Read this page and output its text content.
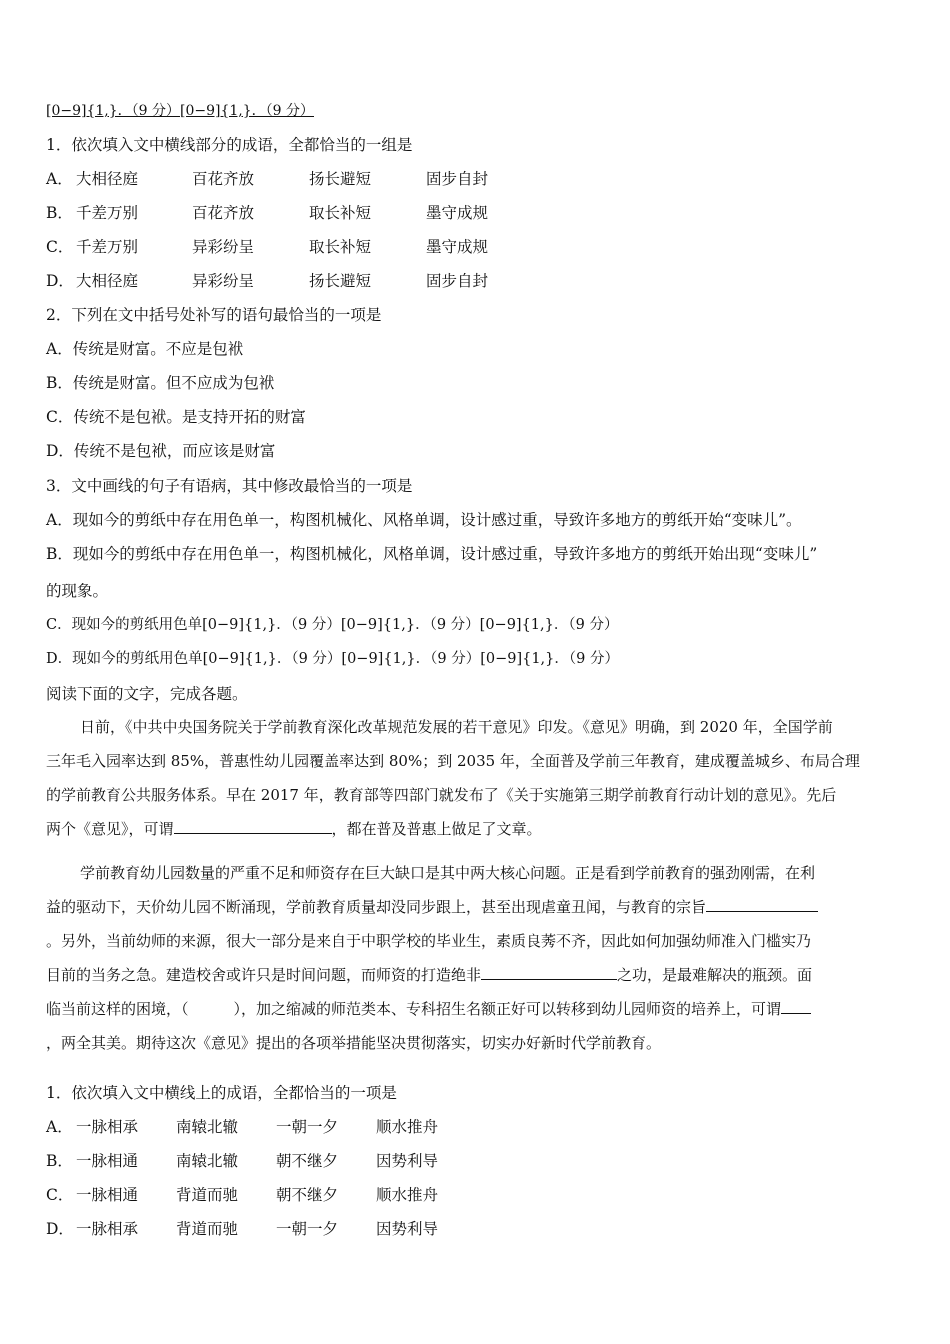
[0−9]{1,}．（9 分）[0−9]{1,}．（9 分）
1．依次填入文中横线部分的成语，全都恰当的一组是
A． 大相径庭	百花齐放	扬长避短	固步自封
B． 千差万别	百花齐放	取长补短	墨守成规
C． 千差万别	异彩纷呈	取长补短	墨守成规
D． 大相径庭	异彩纷呈	扬长避短	固步自封
2．下列在文中括号处补写的语句最恰当的一项是
A．传统是财富。不应是包袱
B．传统是财富。但不应成为包袱
C．传统不是包袱。是支持开拓的财富
D．传统不是包袱，而应该是财富
3．文中画线的句子有语病，其中修改最恰当的一项是
A．现如今的剪纸中存在用色单一，构图机械化、风格单调，设计感过重，导致许多地方的剪纸开始“变味儿”。
B．现如今的剪纸中存在用色单一，构图机械化，风格单调，设计感过重，导致许多地方的剪纸开始出现“变味儿”
的现象。
C．现如今的剪纸用色单[0−9]{1,}．（9 分）[0−9]{1,}．（9 分）[0−9]{1,}．（9 分）
D．现如今的剪纸用色单[0−9]{1,}．（9 分）[0−9]{1,}．（9 分）[0−9]{1,}．（9 分）
阅读下面的文字，完成各题。
日前，《中共中央国务院关于学前教育深化改革规范发展的若干意见》印发。《意见》明确，到 2020 年，全国学前
三年毛入园率达到 85%，普惠性幼儿园覆盖率达到 80%；到 2035 年，全面普及学前三年教育，建成覆盖城乡、布局合理
的学前教育公共服务体系。早在 2017 年，教育部等四部门就发布了《关于实施第三期学前教育行动计划的意见》。先后
两个《意见》，可谓	，都在普及普惠上做足了文章。
学前教育幼儿园数量的严重不足和师资存在巨大缺口是其中两大核心问题。正是看到学前教育的强劲刚需，在利
益的驱动下，天价幼儿园不断涌现，学前教育质量却没同步跟上，甚至出现虐童丑闻，与教育的宗旨
。另外，当前幼师的来源，很大一部分是来自于中职学校的毕业生，素质良莠不齐，因此如何加强幼师准入门槛实乃
目前的当务之急。建造校舍或许只是时间问题，而师资的打造绝非	之功，是最难解决的瓶颈。面
临当前这样的困境，（　　　），加之缩减的师范类本、专科招生名额正好可以转移到幼儿园师资的培养上，可谓
，两全其美。期待这次《意见》提出的各项举措能坚决贯彻落实，切实办好新时代学前教育。
1．依次填入文中横线上的成语，全都恰当的一项是
A． 一脉相承 南辕北辙 一朝一夕 顺水推舟
B． 一脉相通 南辕北辙 朝不继夕 因势利导
C． 一脉相通 背道而驰 朝不继夕 顺水推舟
D． 一脉相承 背道而驰 一朝一夕 因势利导
